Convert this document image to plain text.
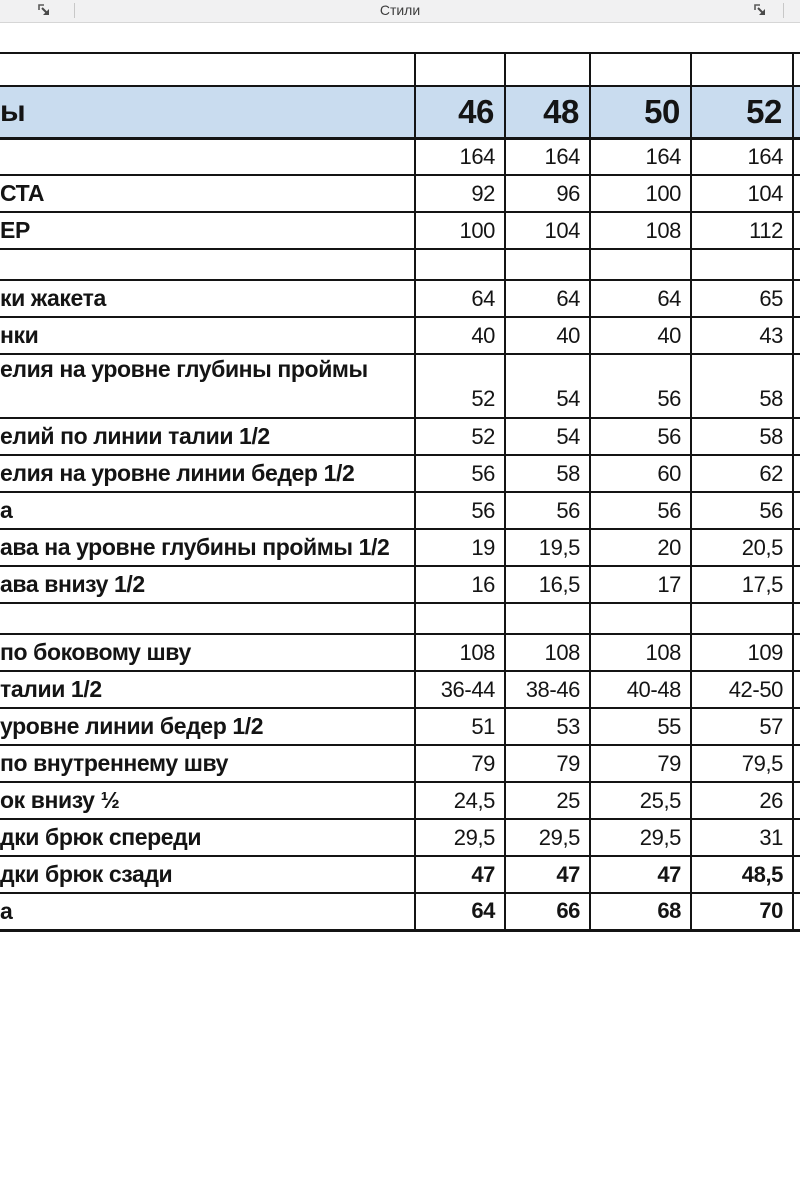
Стили

ы	46	48	50	52	
	164	164	164	164	
СТА	92	96	100	104	
ЕР	100	104	108	112	

ки жакета	64	64	64	65	
нки	40	40	40	43	
елия на уровне глубины проймы	52	54	56	58	
елий по линии талии 1/2	52	54	56	58	
елия на уровне линии бедер 1/2	56	58	60	62	
а	56	56	56	56	
ава на уровне глубины проймы 1/2	19	19,5	20	20,5	
ава внизу 1/2	16	16,5	17	17,5	

по боковому шву	108	108	108	109	
талии 1/2	36-44	38-46	40-48	42-50	
уровне линии бедер 1/2	51	53	55	57	
по внутреннему шву	79	79	79	79,5	
ок внизу ½	24,5	25	25,5	26	
дки брюк спереди	29,5	29,5	29,5	31	
дки брюк сзади	47	47	47	48,5	
а	64	66	68	70	
